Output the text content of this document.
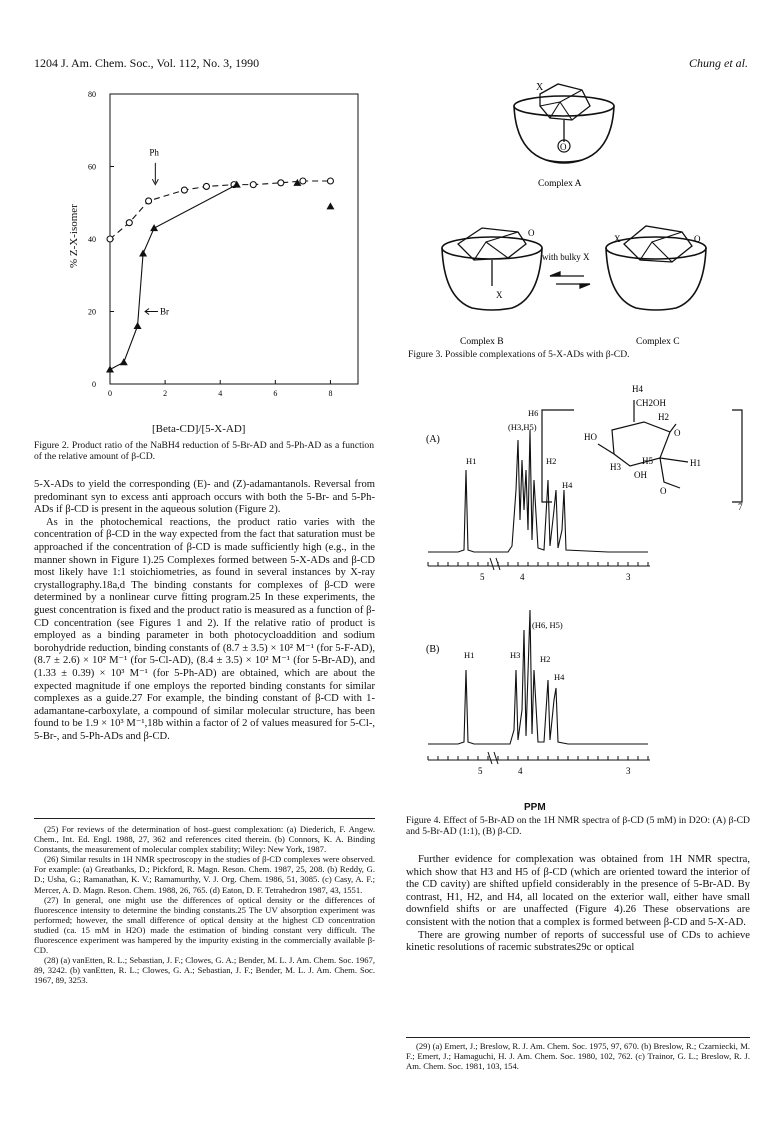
1204 J. Am. Chem. Soc., Vol. 112, No. 3, 1990	Chung et al.
0	2	4	6	8
0
20
40
60
80
Ph
Br
[Beta-CD]/[5-X-AD]
% Z-X-isomer
Figure 2. Product ratio of the NaBH4 reduction of 5-Br-AD and 5-Ph-AD as a function of the relative amount of β-CD.

5-X-ADs to yield the corresponding (E)- and (Z)-adamantanols. Reversal from predominant syn to excess anti approach occurs with both the 5-Br- and 5-Ph-ADs if β-CD is present in the aqueous solution (Figure 2).

As in the photochemical reactions, the product ratio varies with the concentration of β-CD in the way expected from the fact that saturation must be approached if the concentration of β-CD is made sufficiently high (e.g., in the manner shown in Figure 1).25 Complexes formed between 5-X-ADs and β-CD most likely have 1:1 stoichiometries, as found in several instances by X-ray crystallography.18a,d The binding constants for complexes of β-CD were determined by a nonlinear curve fitting program.25 In these experiments, the guest concentration is fixed and the product ratio is measured as a function of β-CD concentration (see Figures 1 and 2). If the relative ratio of product is employed as a binding parameter in both photocycloaddition and sodium borohydride reduction, binding constants of (8.7 ± 3.5) × 10² M⁻¹ (for 5-F-AD), (8.7 ± 2.6) × 10² M⁻¹ (for 5-Cl-AD), (8.4 ± 3.5) × 10² M⁻¹ (for 5-Br-AD), and (1.33 ± 0.39) × 10³ M⁻¹ (for 5-Ph-AD) are obtained, which are about the expected magnitude if one employs the reported binding constants for similar complexes as a guide.27 For example, the binding constant of β-CD with 1-adamantane-carboxylate, a compound of similar molecular structure, has been found to be 1.9 × 10³ M⁻¹,18b within a factor of 2 of values measured for 5-Cl-, 5-Br-, and 5-Ph-ADs and β-CD.

(25) For reviews of the determination of host–guest complexation: (a) Diederich, F. Angew. Chem., Int. Ed. Engl. 1988, 27, 362 and references cited therein. (b) Connors, K. A. Binding Constants, the measurement of molecular complex stability; Wiley: New York, 1987.

(26) Similar results in 1H NMR spectroscopy in the studies of β-CD complexes were observed. For example: (a) Greatbanks, D.; Pickford, R. Magn. Reson. Chem. 1987, 25, 208. (b) Reddy, G. D.; Usha, G.; Ramanathan, K. V.; Ramamurthy, V. J. Org. Chem. 1986, 51, 3085. (c) Casy, A. F.; Mercer, A. D. Magn. Reson. Chem. 1988, 26, 765. (d) Eaton, D. F. Tetrahedron 1987, 43, 1551.

(27) In general, one might use the differences of optical density or the differences of fluorescence intensity to determine the binding constants.25 The UV absorption experiment was performed; however, the small difference of optical density at the highest CD concentration studied (ca. 15 mM in H2O) made the estimation of binding constant very difficult. The fluorescence experiment was hampered by the impurity existing in the commercially available β-CD.

(28) (a) vanEtten, R. L.; Sebastian, J. F.; Clowes, G. A.; Bender, M. L. J. Am. Chem. Soc. 1967, 89, 3242. (b) vanEtten, R. L.; Clowes, G. A.; Sebastian, J. F.; Bender, M. L. J. Am. Chem. Soc. 1967, 89, 3253.

X
O
Complex A
O
X
Complex B
with bulky X
X	O
Complex C
Figure 3. Possible complexations of 5-X-ADs with β-CD.
H4
CH2OH
H2
HO	O
H3
H5
OH
H1
O
7
(A)
H6
(H3,H5)
H1	H2
H4
5	4	3
(B)
(H6, H5)
H1	H3 H2
H4
5	4	3
PPM
Figure 4. Effect of 5-Br-AD on the 1H NMR spectra of β-CD (5 mM) in D2O: (A) β-CD and 5-Br-AD (1:1), (B) β-CD.

Further evidence for complexation was obtained from 1H NMR spectra, which show that H3 and H5 of β-CD (which are oriented toward the interior of the CD cavity) are shifted upfield considerably in the presence of 5-Br-AD. By contrast, H1, H2, and H4, all located on the exterior wall, either have small downfield shifts or are unaffected (Figure 4).26 These observations are consistent with the notion that a complex is formed between β-CD and 5-X-AD.

There are growing number of reports of successful use of CDs to achieve kinetic resolutions of racemic substrates29c or optical

(29) (a) Emert, J.; Breslow, R. J. Am. Chem. Soc. 1975, 97, 670. (b) Breslow, R.; Czarniecki, M. F.; Emert, J.; Hamaguchi, H. J. Am. Chem. Soc. 1980, 102, 762. (c) Trainor, G. L.; Breslow, R. J. Am. Chem. Soc. 1981, 103, 154.
